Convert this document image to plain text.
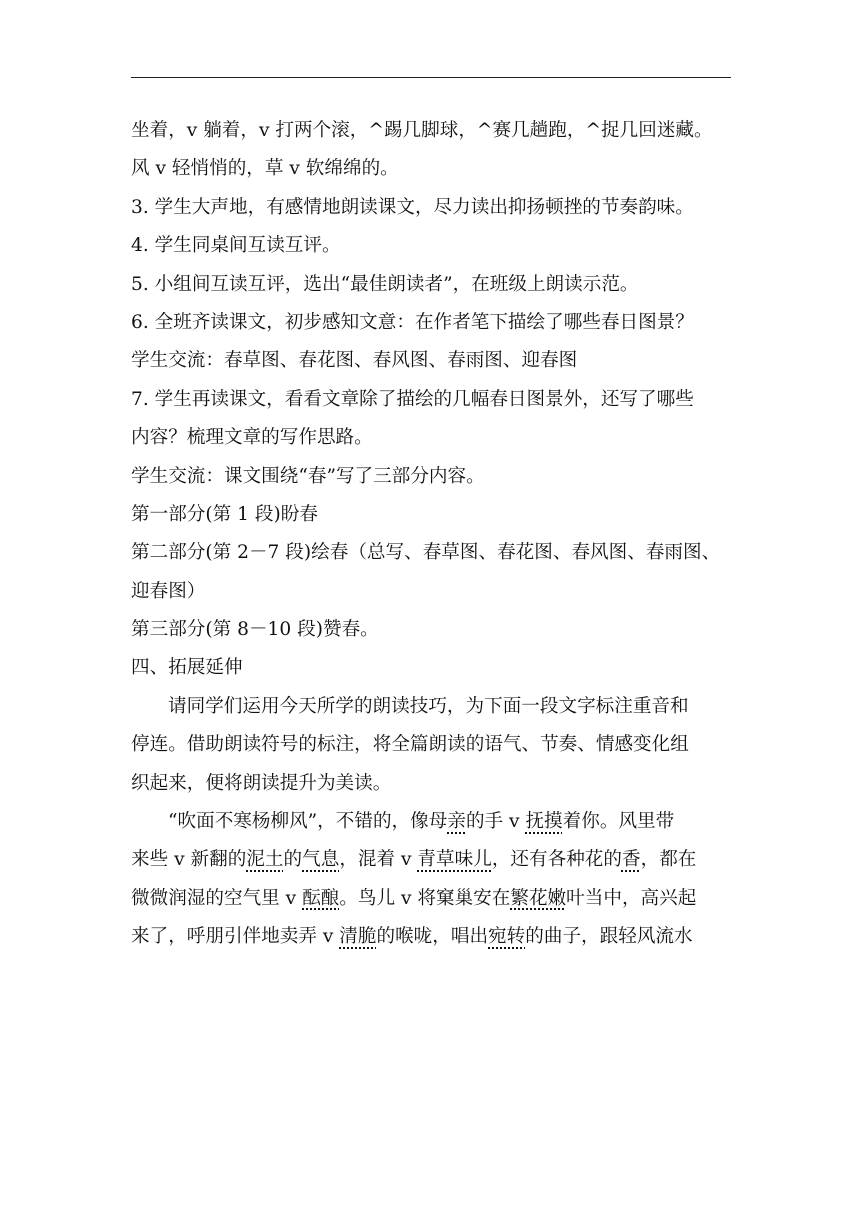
坐着，v 躺着，v 打两个滚，^踢几脚球，^赛几趟跑，^捉几回迷藏。
风 v 轻悄悄的，草 v 软绵绵的。
3. 学生大声地，有感情地朗读课文，尽力读出抑扬顿挫的节奏韵味。
4. 学生同桌间互读互评。
5. 小组间互读互评，选出“最佳朗读者”，在班级上朗读示范。
6. 全班齐读课文，初步感知文意：在作者笔下描绘了哪些春日图景？
学生交流：春草图、春花图、春风图、春雨图、迎春图
7. 学生再读课文，看看文章除了描绘的几幅春日图景外，还写了哪些
内容？梳理文章的写作思路。
学生交流：课文围绕“春”写了三部分内容。
第一部分(第 1 段)盼春
第二部分(第 2－7 段)绘春（总写、春草图、春花图、春风图、春雨图、
迎春图）
第三部分(第 8－10 段)赞春。
四、拓展延伸
请同学们运用今天所学的朗读技巧，为下面一段文字标注重音和
停连。借助朗读符号的标注，将全篇朗读的语气、节奏、情感变化组
织起来，便将朗读提升为美读。
“吹面不寒杨柳风”，不错的，像母亲的手 v 抚摸着你。风里带
来些 v 新翻的泥土的气息，混着 v 青草味儿，还有各种花的香，都在
微微润湿的空气里 v 酝酿。鸟儿 v 将窠巢安在繁花嫩叶当中，高兴起
来了，呼朋引伴地卖弄 v 清脆的喉咙，唱出宛转的曲子，跟轻风流水
